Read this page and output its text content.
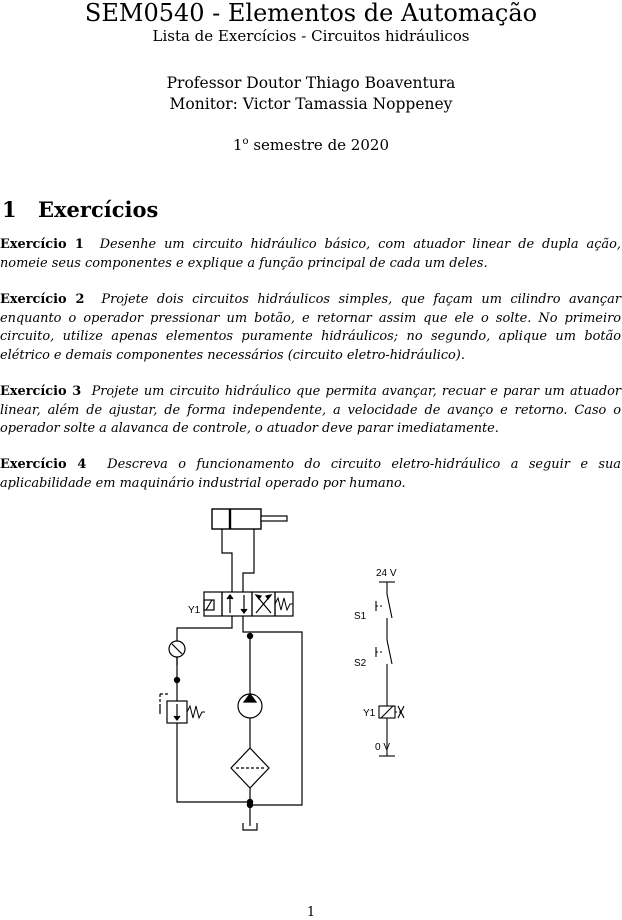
SEM0540 - Elementos de Automação
Lista de Exercícios - Circuitos hidráulicos
Professor Doutor Thiago Boaventura
Monitor: Victor Tamassia Noppeney
1$^o$ semestre de 2020
1 Exercícios
Exercício 1 Desenhe um circuito hidráulico básico, com atuador linear de dupla ação, nomeie seus componentes e explique a função principal de cada um deles.
Exercício 2 Projete dois circuitos hidráulicos simples, que façam um cilindro avançar enquanto o operador pressionar um botão, e retornar assim que ele o solte. No primeiro circuito, utilize apenas elementos puramente hidráulicos; no segundo, aplique um botão elétrico e demais componentes necessários (circuito eletro-hidráulico).
Exercício 3 Projete um circuito hidráulico que permita avançar, recuar e parar um atuador linear, além de ajustar, de forma independente, a velocidade de avanço e retorno. Caso o operador solte a alavanca de controle, o atuador deve parar imediatamente.
Exercício 4 Descreva o funcionamento do circuito eletro-hidráulico a seguir e sua aplicabilidade em maquinário industrial operado por humano.
Y1
24 V
S1
S2
Y1
0 V
1
